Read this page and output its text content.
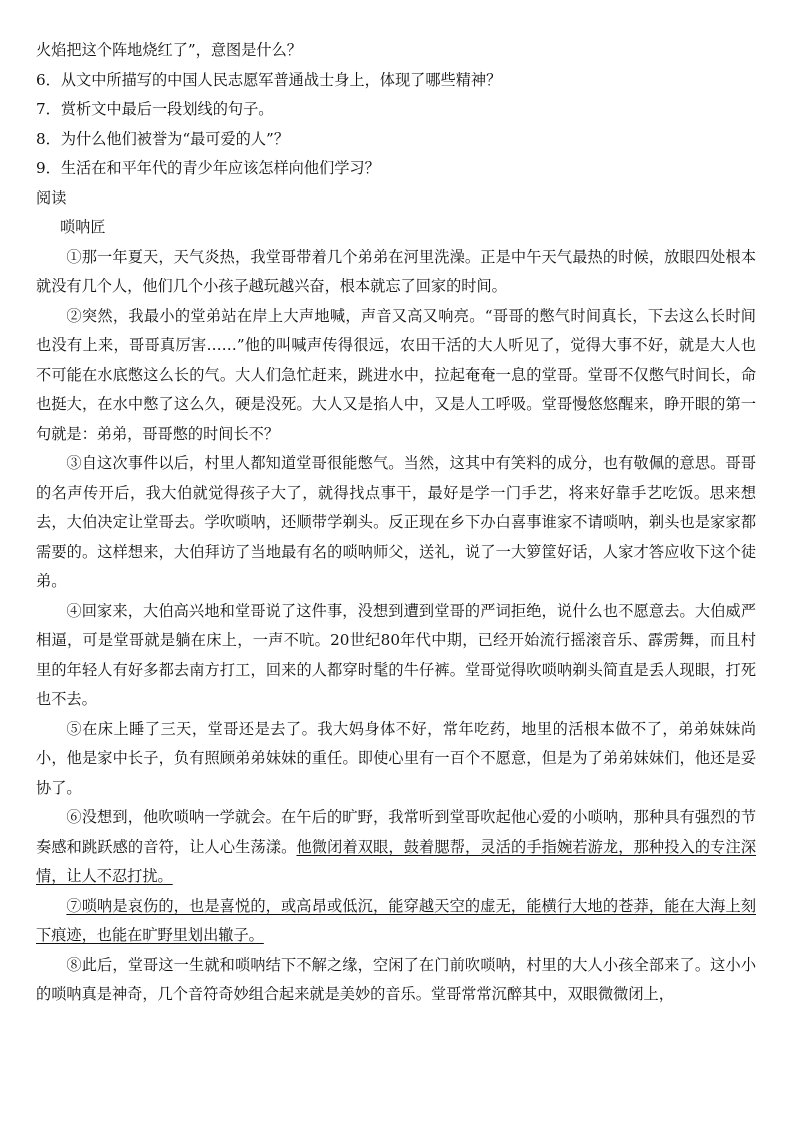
火焰把这个阵地烧红了”，意图是什么？
6．从文中所描写的中国人民志愿军普通战士身上，体现了哪些精神？
7．赏析文中最后一段划线的句子。
8．为什么他们被誉为“最可爱的人”？
9．生活在和平年代的青少年应该怎样向他们学习？
阅读
唢呐匠

①那一年夏天，天气炎热，我堂哥带着几个弟弟在河里洗澡。正是中午天气最热的时候，放眼四处根本就没有几个人，他们几个小孩子越玩越兴奋，根本就忘了回家的时间。

②突然，我最小的堂弟站在岸上大声地喊，声音又高又响亮。“哥哥的憋气时间真长，下去这么长时间也没有上来，哥哥真厉害……”他的叫喊声传得很远，农田干活的大人听见了，觉得大事不好，就是大人也不可能在水底憋这么长的气。大人们急忙赶来，跳进水中，拉起奄奄一息的堂哥。堂哥不仅憋气时间长，命也挺大，在水中憋了这么久，硬是没死。大人又是掐人中，又是人工呼吸。堂哥慢悠悠醒来，睁开眼的第一句就是：弟弟，哥哥憋的时间长不？

③自这次事件以后，村里人都知道堂哥很能憋气。当然，这其中有笑料的成分，也有敬佩的意思。哥哥的名声传开后，我大伯就觉得孩子大了，就得找点事干，最好是学一门手艺，将来好靠手艺吃饭。思来想去，大伯决定让堂哥去。学吹唢呐，还顺带学剃头。反正现在乡下办白喜事谁家不请唢呐，剃头也是家家都需要的。这样想来，大伯拜访了当地最有名的唢呐师父，送礼，说了一大箩筐好话，人家才答应收下这个徒弟。

④回家来，大伯高兴地和堂哥说了这件事，没想到遭到堂哥的严词拒绝，说什么也不愿意去。大伯威严相逼，可是堂哥就是躺在床上，一声不吭。20世纪80年代中期，已经开始流行摇滚音乐、霹雳舞，而且村里的年轻人有好多都去南方打工，回来的人都穿时髦的牛仔裤。堂哥觉得吹唢呐剃头简直是丢人现眼，打死也不去。

⑤在床上睡了三天，堂哥还是去了。我大妈身体不好，常年吃药，地里的活根本做不了，弟弟妹妹尚小，他是家中长子，负有照顾弟弟妹妹的重任。即使心里有一百个不愿意，但是为了弟弟妹妹们，他还是妥协了。

⑥没想到，他吹唢呐一学就会。在午后的旷野，我常听到堂哥吹起他心爱的小唢呐，那种具有强烈的节奏感和跳跃感的音符，让人心生荡漾。他微闭着双眼，鼓着腮帮，灵活的手指婉若游龙，那种投入的专注深情，让人不忍打扰。

⑦唢呐是哀伤的，也是喜悦的，或高昂或低沉，能穿越天空的虚无，能横行大地的苍莽，能在大海上刻下痕迹，也能在旷野里划出辙子。

⑧此后，堂哥这一生就和唢呐结下不解之缘，空闲了在门前吹唢呐，村里的大人小孩全部来了。这小小的唢呐真是神奇，几个音符奇妙组合起来就是美妙的音乐。堂哥常常沉醉其中，双眼微微闭上，
